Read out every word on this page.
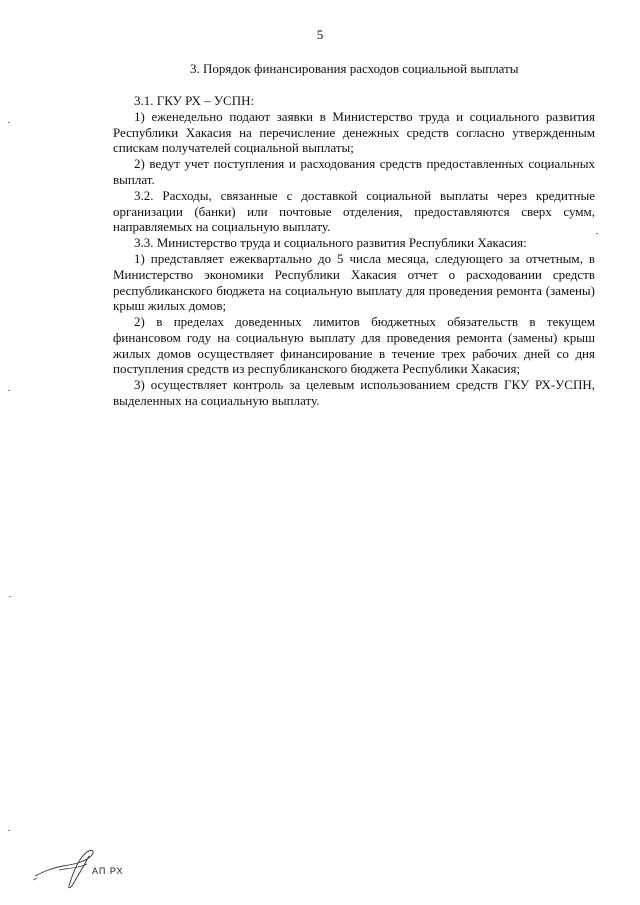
5
3. Порядок финансирования расходов социальной выплаты

3.1. ГКУ РХ – УСПН:

1) еженедельно подают заявки в Министерство труда и социального развития Республики Хакасия на перечисление денежных средств согласно утвержденным спискам получателей социальной выплаты;

2) ведут учет поступления и расходования средств предоставленных социальных выплат.

3.2. Расходы, связанные с доставкой социальной выплаты через кредитные организации (банки) или почтовые отделения, предоставляются сверх сумм, направляемых на социальную выплату.

3.3. Министерство труда и социального развития Республики Хакасия:

1) представляет ежеквартально до 5 числа месяца, следующего за отчетным, в Министерство экономики Республики Хакасия отчет о расходовании средств республиканского бюджета на социальную выплату для проведения ремонта (замены) крыш жилых домов;

2) в пределах доведенных лимитов бюджетных обязательств в текущем финансовом году на социальную выплату для проведения ремонта (замены) крыш жилых домов осуществляет финансирование в течение трех рабочих дней со дня поступления средств из республиканского бюджета Республики Хакасия;

3) осуществляет контроль за целевым использованием средств ГКУ РХ-УСПН, выделенных на социальную выплату.

АП РХ
